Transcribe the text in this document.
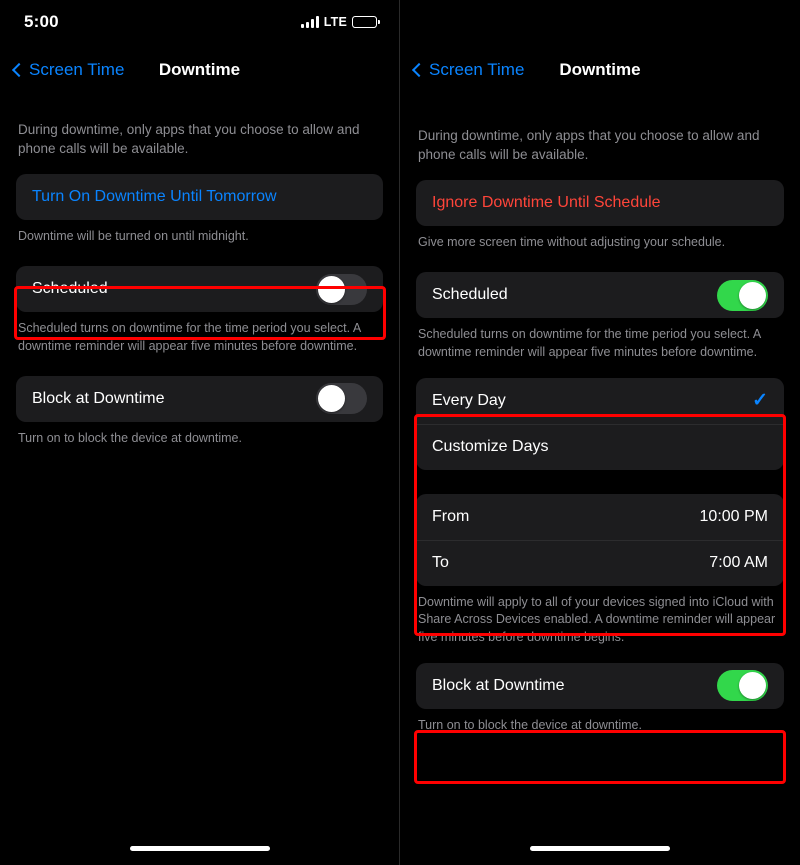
5:00	LTE
Screen Time	Downtime
During downtime, only apps that you choose to allow and phone calls will be available.
Turn On Downtime Until Tomorrow
Downtime will be turned on until midnight.
Scheduled
Scheduled turns on downtime for the time period you select. A downtime reminder will appear five minutes before downtime.
Block at Downtime
Turn on to block the device at downtime.
Screen Time	Downtime
During downtime, only apps that you choose to allow and phone calls will be available.
Ignore Downtime Until Schedule
Give more screen time without adjusting your schedule.
Scheduled
Scheduled turns on downtime for the time period you select. A downtime reminder will appear five minutes before downtime.
Every Day	✓
Customize Days
From	10:00 PM
To	7:00 AM
Downtime will apply to all of your devices signed into iCloud with Share Across Devices enabled. A downtime reminder will appear five minutes before downtime begins.
Block at Downtime
Turn on to block the device at downtime.
